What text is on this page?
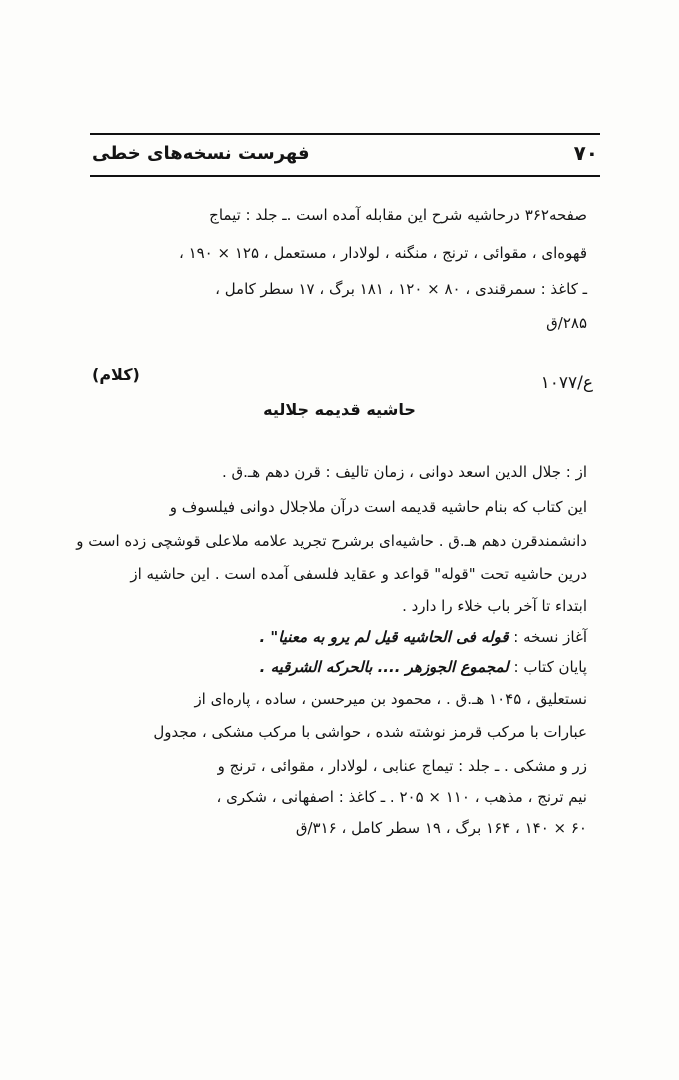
فهرست نسخه‌های خطی	۷۰
صفحه۳۶۲ درحاشیه شرح این مقابله آمده است .ـ جلد : تیماج
قهوه‌ای ، مقوائی ، ترنج ، منگنه ، لولادار ، مستعمل ، ۱۲۵ × ۱۹۰ ،
ـ کاغذ : سمرقندی ، ۸۰ × ۱۲۰ ، ۱۸۱ برگ ، ۱۷ سطر کامل ،
۲۸۵/ق
۱۰۷۷/ع
(کلام)
حاشیه قدیمه جلالیه
از : جلال الدین اسعد دوانی ، زمان تالیف : قرن دهم هـ.ق .
این کتاب که بنام حاشیه قدیمه است درآن ملاجلال دوانی فیلسوف و
دانشمندقرن دهم هـ.ق . حاشیه‌ای برشرح تجرید علامه ملاعلی قوشچی زده است و
درین حاشیه تحت "قوله" قواعد و عقاید فلسفی آمده است . این حاشیه از
ابتداء تا آخر باب خلاء را دارد .
آغاز نسخه : قوله فی الحاشیه قیل لم یرو به معنیا" .
پایان کتاب : لمجموع الجوزهر .... بالحرکه الشرقیه .
نستعلیق ، ۱۰۴۵ هـ.ق . ، محمود بن میرحسن ، ساده ، پاره‌ای از
عبارات با مرکب قرمز نوشته شده ، حواشی با مرکب مشکی ، مجدول
زر و مشکی . ـ جلد : تیماج عنابی ، لولادار ، مقوائی ، ترنج و
نیم ترنج ، مذهب ، ۱۱۰ × ۲۰۵ . ـ کاغذ : اصفهانی ، شکری ،
۶۰ × ۱۴۰ ، ۱۶۴ برگ ، ۱۹ سطر کامل ، ۳۱۶/ق
